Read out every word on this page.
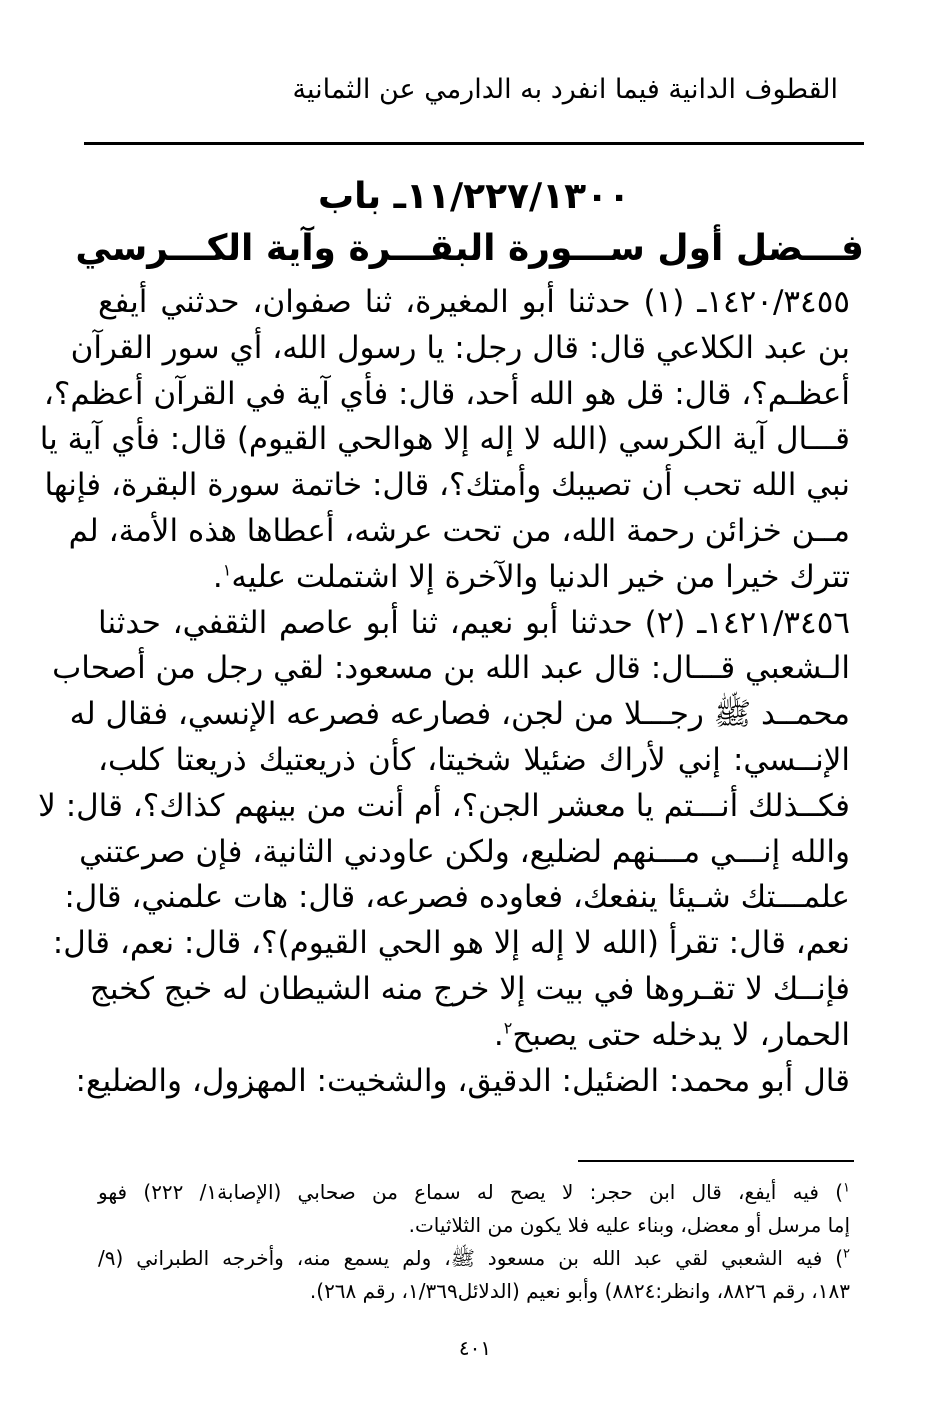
القطوف الدانية فيما انفرد به الدارمي عن الثمانية
١١/٢٢٧/١٣٠٠ـ باب
فـــضل أول ســـورة البقـــرة وآية الكـــرسي
١٤٢٠/٣٤٥٥ـ (١) حدثنا أبو المغيرة، ثنا صفوان، حدثني أيفع
بن عبد الكلاعي قال: قال رجل: يا رسول الله، أي سور القرآن
أعظـم؟، قال: قل هو الله أحد، قال: فأي آية في القرآن أعظم؟،
قـــال آية الكرسي (الله لا إله إلا هوالحي القيوم) قال: فأي آية يا
نبي الله تحب أن تصيبك وأمتك؟، قال: خاتمة سورة البقرة، فإنها
مــن خزائن رحمة الله، من تحت عرشه، أعطاها هذه الأمة، لم
تترك خيرا من خير الدنيا والآخرة إلا اشتملت عليه$^١$.
١٤٢١/٣٤٥٦ـ (٢) حدثنا أبو نعيم، ثنا أبو عاصم الثقفي، حدثنا
الـشعبي قـــال: قال عبد الله بن مسعود: لقي رجل من أصحاب
محمــد ﷺ رجـــلا من لجن، فصارعه فصرعه الإنسي، فقال له
الإنــسي: إني لأراك ضئيلا شخيتا، كأن ذريعتيك ذريعتا كلب،
فكــذلك أنـــتم يا معشر الجن؟، أم أنت من بينهم كذاك؟، قال: لا
والله إنـــي مـــنهم لضليع، ولكن عاودني الثانية، فإن صرعتني
علمـــتك شـيئا ينفعك، فعاوده فصرعه، قال: هات علمني، قال:
نعم، قال: تقرأ (الله لا إله إلا هو الحي القيوم)؟، قال: نعم، قال:
فإنــك لا تقـروها في بيت إلا خرج منه الشيطان له خبج كخبج
الحمار، لا يدخله حتى يصبح$^٢$.
قال أبو محمد: الضئيل: الدقيق، والشخيت: المهزول، والضليع:
$^١$) فيه أيفع، قال ابن حجر: لا يصح له سماع من صحابي (الإصابة١/ ٢٢٢) فهو
إما مرسل أو معضل، وبناء عليه فلا يكون من الثلاثيات.
$^٢$) فيه الشعبي لقي عبد الله بن مسعود ﷺ، ولم يسمع منه، وأخرجه الطبراني (٩/
١٨٣، رقم ٨٨٢٦، وانظر:٨٨٢٤) وأبو نعيم (الدلائل١/٣٦٩، رقم ٢٦٨).
٤٠١
